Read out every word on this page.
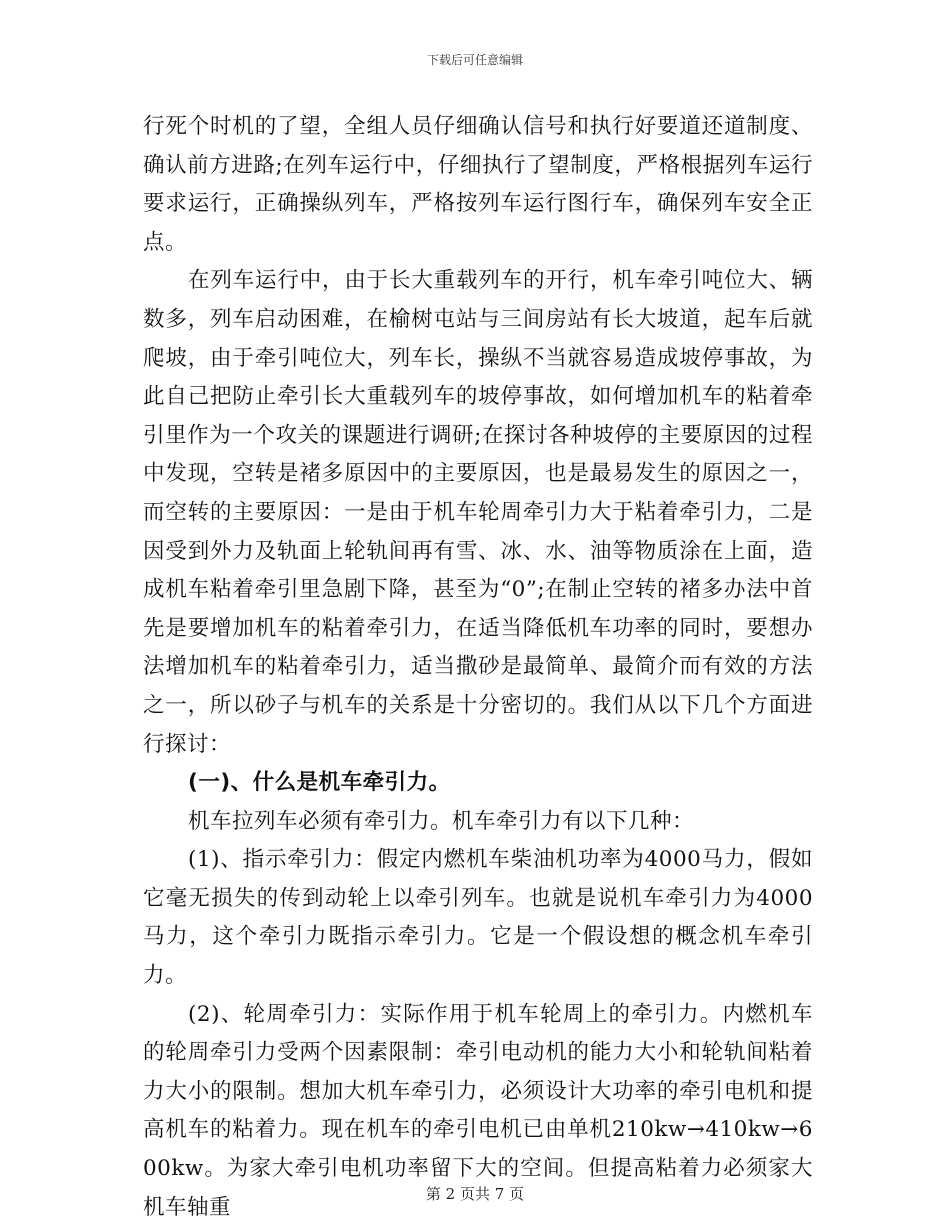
下载后可任意编辑

行死个时机的了望，全组人员仔细确认信号和执行好要道还道制度、确认前方进路;在列车运行中，仔细执行了望制度，严格根据列车运行要求运行，正确操纵列车，严格按列车运行图行车，确保列车安全正点。

在列车运行中，由于长大重载列车的开行，机车牵引吨位大、辆数多，列车启动困难，在榆树屯站与三间房站有长大坡道，起车后就爬坡，由于牵引吨位大，列车长，操纵不当就容易造成坡停事故，为此自己把防止牵引长大重载列车的坡停事故，如何增加机车的粘着牵引里作为一个攻关的课题进行调研;在探讨各种坡停的主要原因的过程中发现，空转是褚多原因中的主要原因，也是最易发生的原因之一，而空转的主要原因：一是由于机车轮周牵引力大于粘着牵引力，二是因受到外力及轨面上轮轨间再有雪、冰、水、油等物质涂在上面，造成机车粘着牵引里急剧下降，甚至为“0”;在制止空转的褚多办法中首先是要增加机车的粘着牵引力，在适当降低机车功率的同时，要想办法增加机车的粘着牵引力，适当撒砂是最简单、最简介而有效的方法之一，所以砂子与机车的关系是十分密切的。我们从以下几个方面进行探讨：

(一)、什么是机车牵引力。

机车拉列车必须有牵引力。机车牵引力有以下几种：

(1)、指示牵引力：假定内燃机车柴油机功率为4000马力，假如它毫无损失的传到动轮上以牵引列车。也就是说机车牵引力为4000马力，这个牵引力既指示牵引力。它是一个假设想的概念机车牵引力。

(2)、轮周牵引力：实际作用于机车轮周上的牵引力。内燃机车的轮周牵引力受两个因素限制：牵引电动机的能力大小和轮轨间粘着力大小的限制。想加大机车牵引力，必须设计大功率的牵引电机和提高机车的粘着力。现在机车的牵引电机已由单机210kw→410kw→600kw。为家大牵引电机功率留下大的空间。但提高粘着力必须家大机车轴重

第 2 页共 7 页
